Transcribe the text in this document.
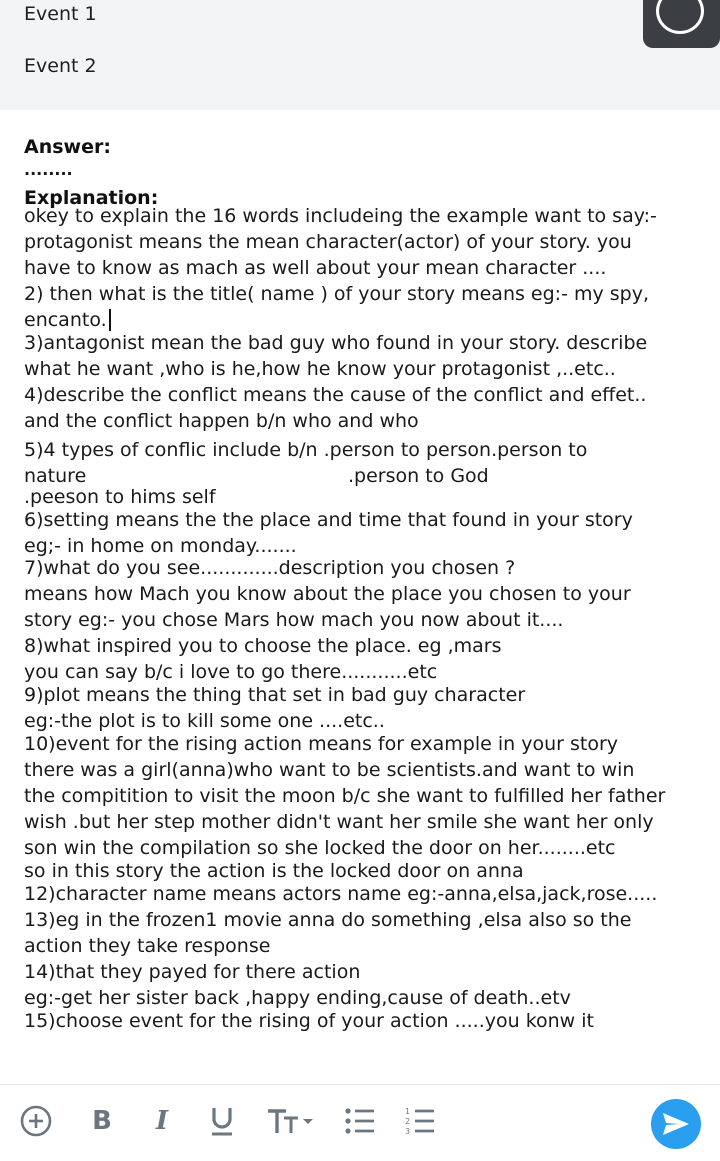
Event 1
Event 2
Answer:
........
Explanation:
okey to explain the 16 words includeing the example want to say:-
protagonist means the mean character(actor) of your story. you
have to know as mach as well about your mean character ....
2) then what is the title( name ) of your story means eg:- my spy,
encanto.
3)antagonist mean the bad guy who found in your story. describe
what he want ,who is he,how he know your protagonist ,..etc..
4)describe the conflict means the cause of the conflict and effet..
and the conflict happen b/n who and who
5)4 types of conflic include b/n .person to person.person to
nature	.person to God
.peeson to hims self
6)setting means the the place and time that found in your story
eg;- in home on monday.......
7)what do you see.............description you chosen ?
means how Mach you know about the place you chosen to your
story eg:- you chose Mars how mach you now about it....
8)what inspired you to choose the place. eg ,mars
you can say b/c i love to go there...........etc
9)plot means the thing that set in bad guy character
eg:-the plot is to kill some one ....etc..
10)event for the rising action means for example in your story
there was a girl(anna)who want to be scientists.and want to win
the compitition to visit the moon b/c she want to fulfilled her father
wish .but her step mother didn't want her smile she want her only
son win the compilation so she locked the door on her........etc
so in this story the action is the locked door on anna
12)character name means actors name eg:-anna,elsa,jack,rose.....
13)eg in the frozen1 movie anna do something ,elsa also so the
action they take response
14)that they payed for there action
eg:-get her sister back ,happy ending,cause of death..etv
15)choose event for the rising of your action .....you konw it
B	I	1
2
3
